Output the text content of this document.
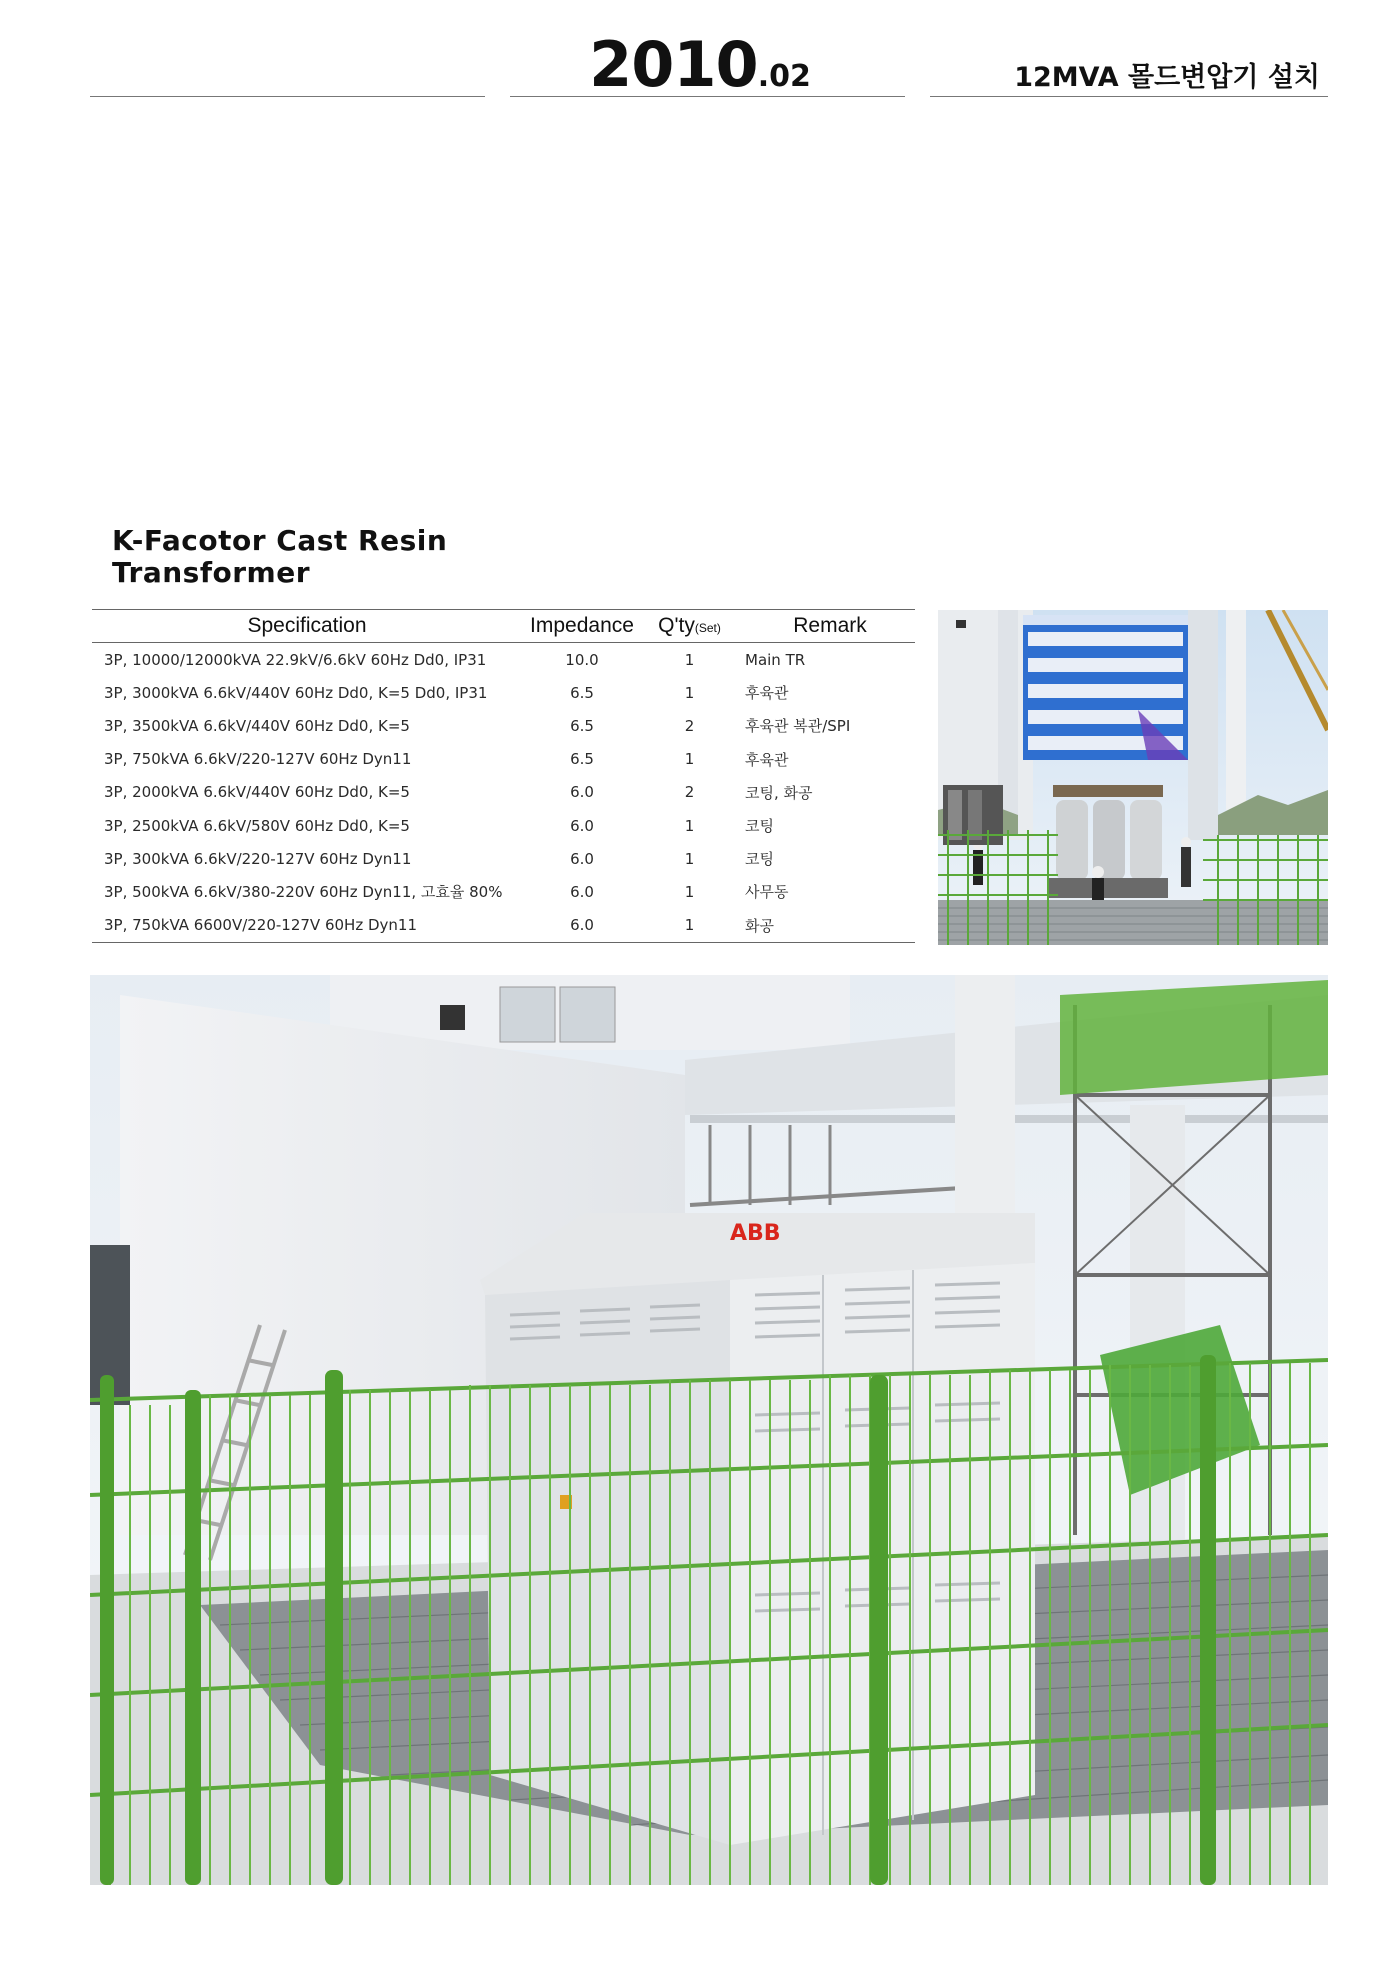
2010.02	12MVA 몰드변압기 설치
K-Facotor Cast Resin
Transformer
Specification	Impedance	Q'ty(Set)	Remark
3P, 10000/12000kVA 22.9kV/6.6kV 60Hz Dd0, IP31	10.0	1	Main TR
3P, 3000kVA 6.6kV/440V 60Hz Dd0, K=5 Dd0, IP31	6.5	1	후육관
3P, 3500kVA 6.6kV/440V 60Hz Dd0, K=5	6.5	2	후육관 복관/SPI
3P, 750kVA 6.6kV/220-127V 60Hz Dyn11	6.5	1	후육관
3P, 2000kVA 6.6kV/440V 60Hz Dd0, K=5	6.0	2	코팅, 화공
3P, 2500kVA 6.6kV/580V 60Hz Dd0, K=5	6.0	1	코팅
3P, 300kVA 6.6kV/220-127V 60Hz Dyn11	6.0	1	코팅
3P, 500kVA 6.6kV/380-220V 60Hz Dyn11, 고효율 80%	6.0	1	사무동
3P, 750kVA 6600V/220-127V 60Hz Dyn11	6.0	1	화공
ABB
